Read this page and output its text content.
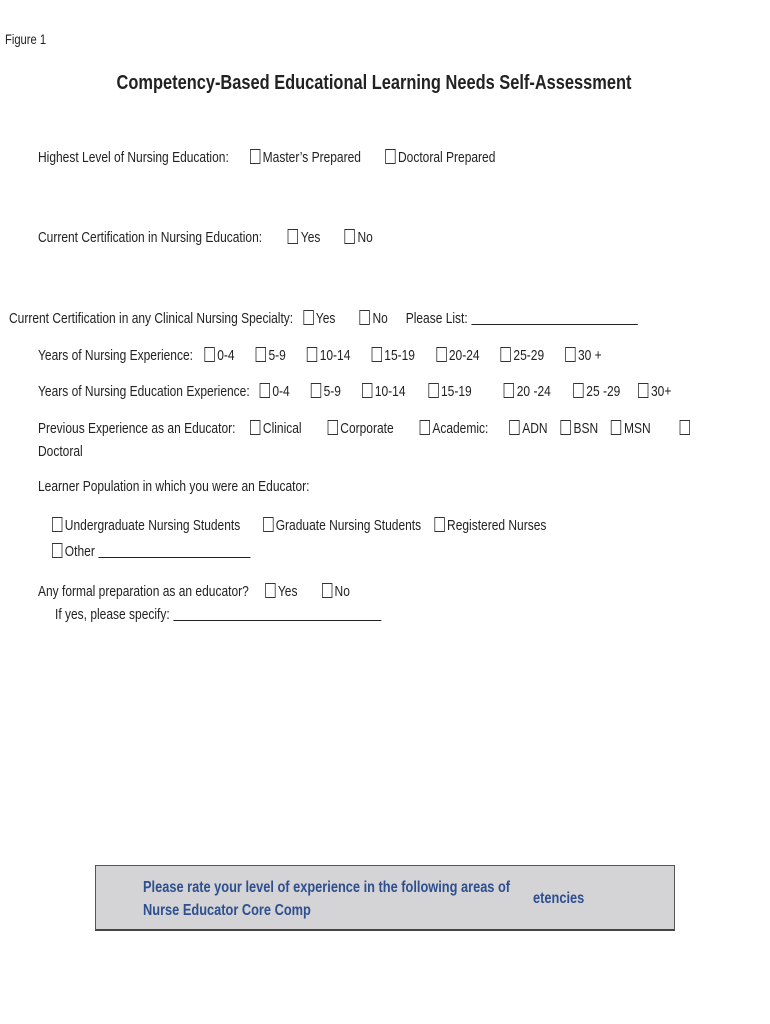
Figure 1
Competency-Based Educational Learning Needs Self-Assessment
Highest Level of Nursing Education: Master’s Prepared Doctoral Prepared
Current Certification in Nursing Education:	Yes No
Current Certification in any Clinical Nursing Specialty: Yes No Please List:
Years of Nursing Experience: 0-4 5-9 10-14 15-19 20-24 25-29 30 +
Years of Nursing Education Experience: 0-4 5-9 10-14 15-19	20 -24 25 -29 30+
Previous Experience as an Educator: Clinical	Corporate	Academic: ADN BSN MSN
Doctoral
Learner Population in which you were an Educator:
Undergraduate Nursing Students Graduate Nursing Students Registered Nurses
Other
Any formal preparation as an educator? Yes No
If yes, please specify:
Please rate your level of experience in the following areas of
Nurse Educator Core Comp
etencies
